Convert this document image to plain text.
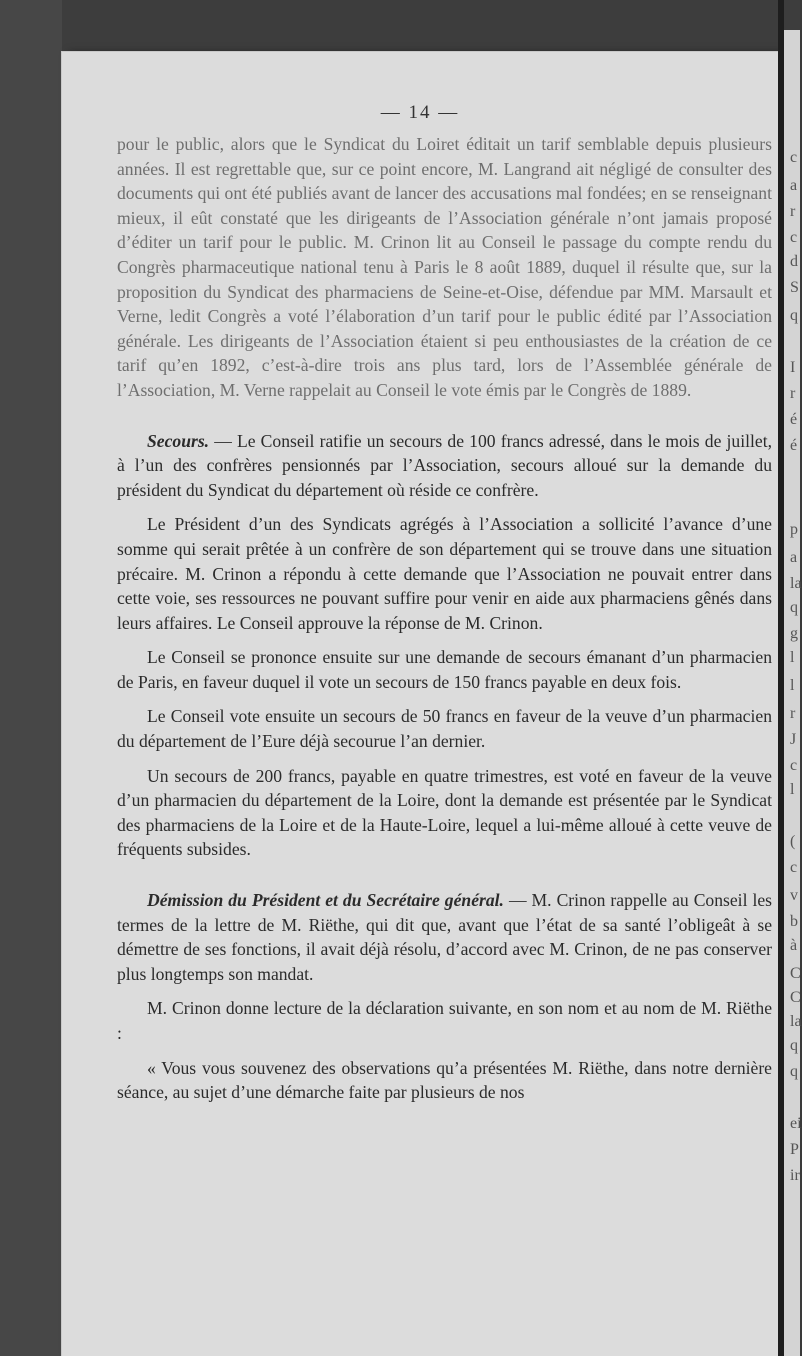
— 14 —

pour le public, alors que le Syndicat du Loiret éditait un tarif semblable depuis plusieurs années. Il est regrettable que, sur ce point encore, M. Langrand ait négligé de consulter des documents qui ont été publiés avant de lancer des accusations mal fondées; en se renseignant mieux, il eût constaté que les dirigeants de l’Association générale n’ont jamais proposé d’éditer un tarif pour le public. M. Crinon lit au Conseil le passage du compte rendu du Congrès pharmaceutique national tenu à Paris le 8 août 1889, duquel il résulte que, sur la proposition du Syndicat des pharmaciens de Seine-et-Oise, défendue par MM. Marsault et Verne, ledit Congrès a voté l’élaboration d’un tarif pour le public édité par l’Association générale. Les dirigeants de l’Association étaient si peu enthousiastes de la création de ce tarif qu’en 1892, c’est-à-dire trois ans plus tard, lors de l’Assemblée générale de l’Association, M. Verne rappelait au Conseil le vote émis par le Congrès de 1889.

Secours. — Le Conseil ratifie un secours de 100 francs adressé, dans le mois de juillet, à l’un des confrères pensionnés par l’Association, secours alloué sur la demande du président du Syndicat du département où réside ce confrère.

Le Président d’un des Syndicats agrégés à l’Association a sollicité l’avance d’une somme qui serait prêtée à un confrère de son département qui se trouve dans une situation précaire. M. Crinon a répondu à cette demande que l’Association ne pouvait entrer dans cette voie, ses ressources ne pouvant suffire pour venir en aide aux pharmaciens gênés dans leurs affaires. Le Conseil approuve la réponse de M. Crinon.

Le Conseil se prononce ensuite sur une demande de secours émanant d’un pharmacien de Paris, en faveur duquel il vote un secours de 150 francs payable en deux fois.

Le Conseil vote ensuite un secours de 50 francs en faveur de la veuve d’un pharmacien du département de l’Eure déjà secourue l’an dernier.

Un secours de 200 francs, payable en quatre trimestres, est voté en faveur de la veuve d’un pharmacien du département de la Loire, dont la demande est présentée par le Syndicat des pharmaciens de la Loire et de la Haute-Loire, lequel a lui-même alloué à cette veuve de fréquents subsides.

Démission du Président et du Secrétaire général. — M. Crinon rappelle au Conseil les termes de la lettre de M. Riëthe, qui dit que, avant que l’état de sa santé l’obligeât à se démettre de ses fonctions, il avait déjà résolu, d’accord avec M. Crinon, de ne pas conserver plus longtemps son mandat.

M. Crinon donne lecture de la déclaration suivante, en son nom et au nom de M. Riëthe :

« Vous vous souvenez des observations qu’a présentées M. Riëthe, dans notre dernière séance, au sujet d’une démarche faite par plusieurs de nos

c
a
r
c
d
S
q
I
r
é
é
p
a
la
q
g
l
l
r
J
c
l
(
c
v
b
à
C
C
la
q
q
ei
P
ir
